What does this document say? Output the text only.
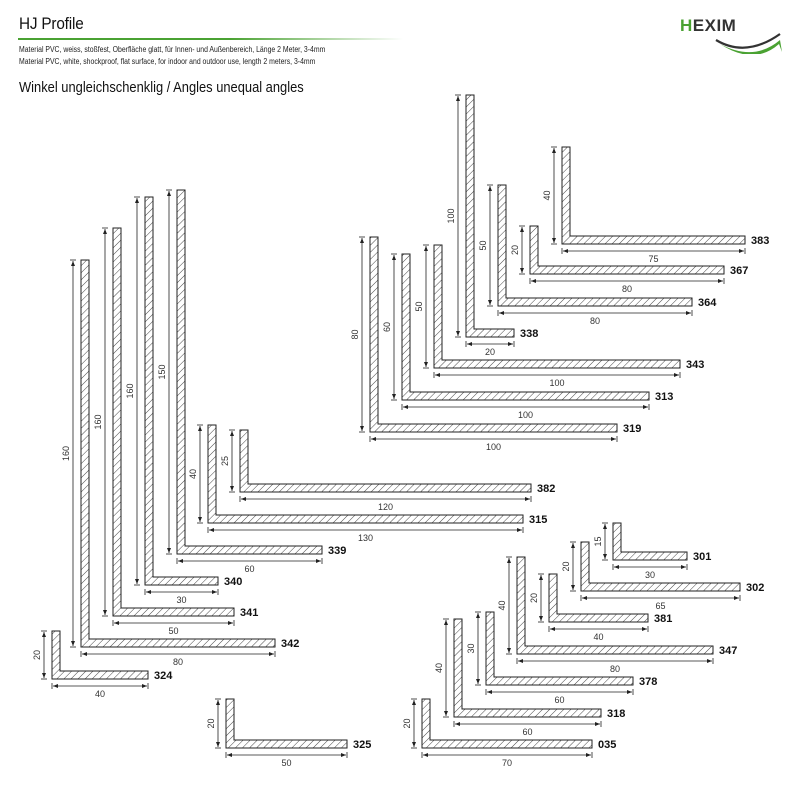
HJ Profile
Material PVC, weiss, stoßfest, Oberfläche glatt, für Innen- und Außenbereich, Länge 2 Meter, 3-4mm
Material PVC, white, shockproof, flat surface, for indoor and outdoor use, length 2 meters, 3-4mm
Winkel ungleichschenklig / Angles unequal angles
HEXIM
40
75
383
20
80
367
50
80
364
100
20
338
50
100
343
60
100
313
80
100
319
25
120
382
40
130
315
150
60
339
160
30
340
160
50
341
160
80
342
20
40
324
20
50
325
15
30
301
20
65
302
20
40
381
40
80
347
30
60
378
40
60
318
20
70
035
